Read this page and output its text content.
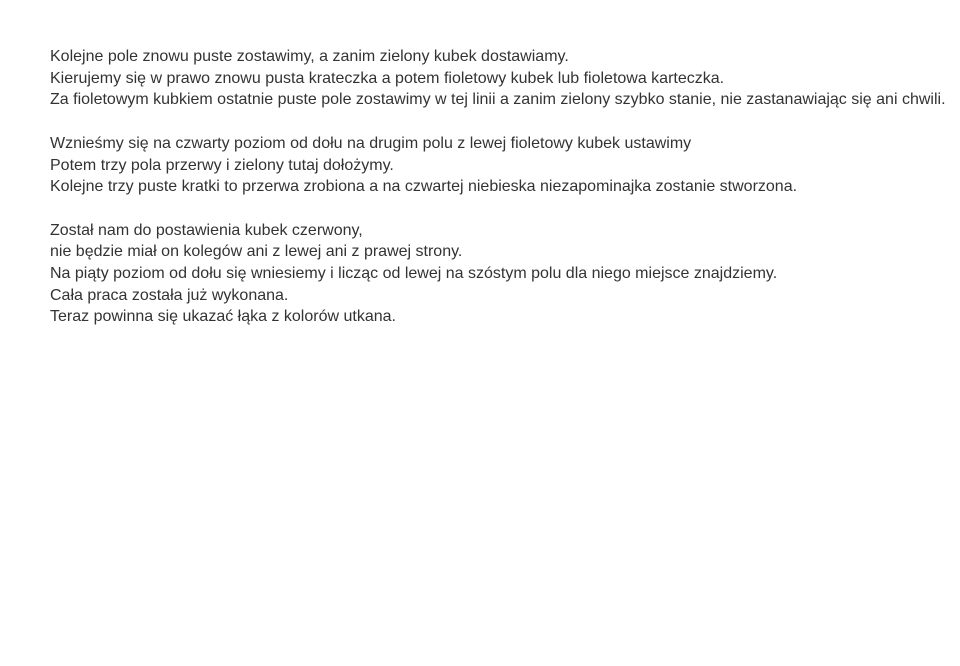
Kolejne pole znowu puste zostawimy, a zanim zielony kubek dostawiamy.
Kierujemy się w prawo znowu pusta krateczka a potem fioletowy kubek lub fioletowa karteczka.
Za fioletowym kubkiem ostatnie puste pole zostawimy w tej linii a zanim zielony szybko stanie, nie zastanawiając się ani chwili.
Wznieśmy się na czwarty poziom od dołu na drugim polu z lewej fioletowy kubek ustawimy
Potem trzy pola przerwy i zielony tutaj dołożymy.
Kolejne trzy puste kratki to przerwa zrobiona a na czwartej niebieska niezapominajka zostanie stworzona.
Został nam do postawienia kubek czerwony,
nie będzie miał on kolegów ani z lewej ani z prawej strony.
Na piąty poziom od dołu się wniesiemy i licząc od lewej na szóstym polu dla niego miejsce znajdziemy.
Cała praca została już wykonana.
Teraz powinna się ukazać łąka z kolorów utkana.
